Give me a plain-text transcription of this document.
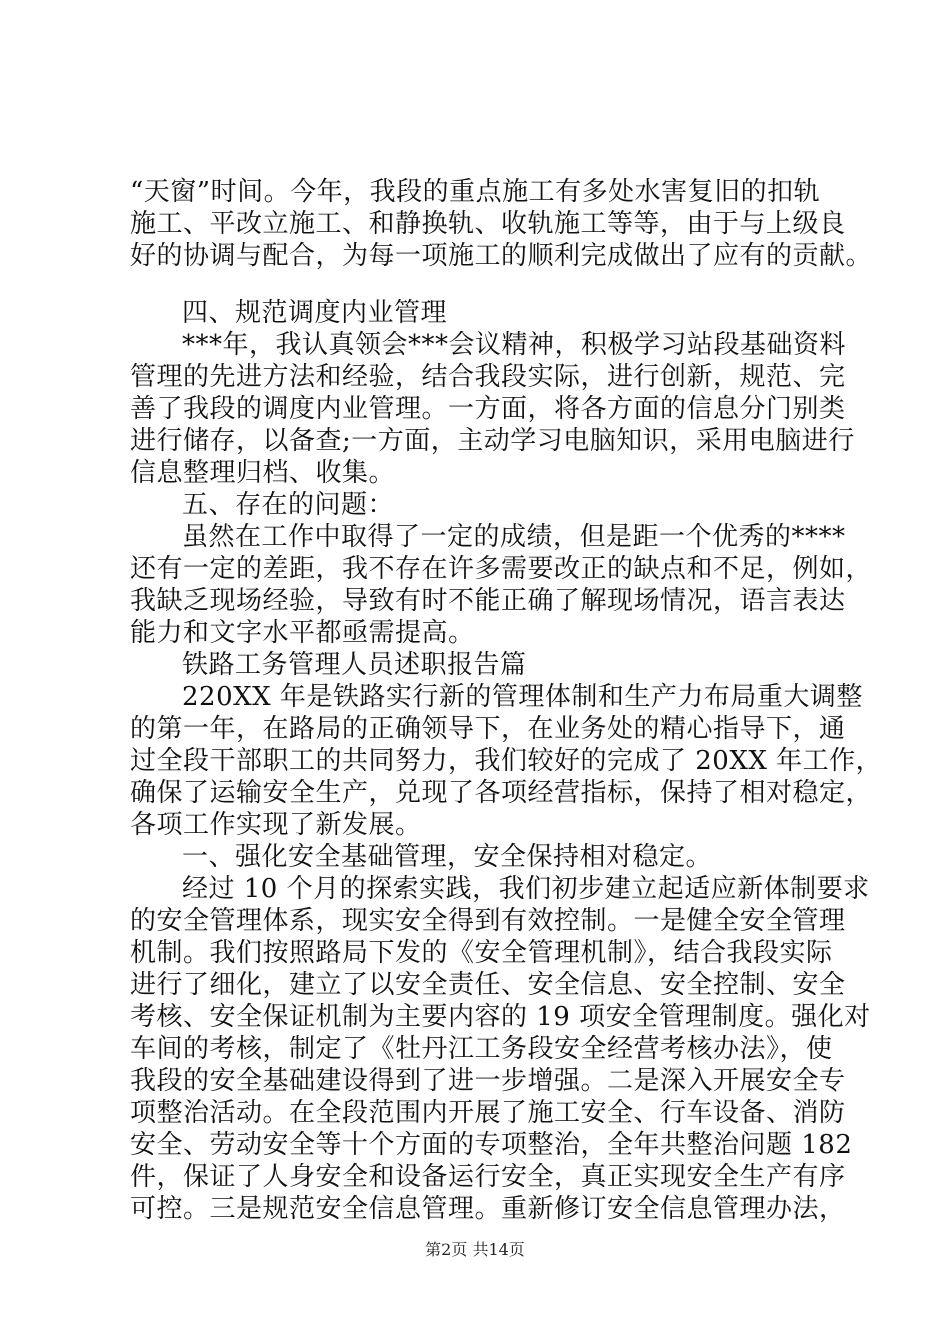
“天窗”时间。今年，我段的重点施工有多处水害复旧的扣轨
施工、平改立施工、和静换轨、收轨施工等等，由于与上级良
好的协调与配合，为每一项施工的顺利完成做出了应有的贡献。
四、规范调度内业管理
***年，我认真领会***会议精神，积极学习站段基础资料
管理的先进方法和经验，结合我段实际，进行创新，规范、完
善了我段的调度内业管理。一方面，将各方面的信息分门别类
进行储存，以备查;一方面，主动学习电脑知识，采用电脑进行
信息整理归档、收集。
五、存在的问题：
虽然在工作中取得了一定的成绩，但是距一个优秀的****
还有一定的差距，我不存在许多需要改正的缺点和不足，例如，
我缺乏现场经验，导致有时不能正确了解现场情况，语言表达
能力和文字水平都亟需提高。
铁路工务管理人员述职报告篇
220XX 年是铁路实行新的管理体制和生产力布局重大调整
的第一年，在路局的正确领导下，在业务处的精心指导下，通
过全段干部职工的共同努力，我们较好的完成了 20XX 年工作，
确保了运输安全生产，兑现了各项经营指标，保持了相对稳定，
各项工作实现了新发展。
一、强化安全基础管理，安全保持相对稳定。
经过 10 个月的探索实践，我们初步建立起适应新体制要求
的安全管理体系，现实安全得到有效控制。一是健全安全管理
机制。我们按照路局下发的《安全管理机制》，结合我段实际
进行了细化，建立了以安全责任、安全信息、安全控制、安全
考核、安全保证机制为主要内容的 19 项安全管理制度。强化对
车间的考核，制定了《牡丹江工务段安全经营考核办法》，使
我段的安全基础建设得到了进一步增强。二是深入开展安全专
项整治活动。在全段范围内开展了施工安全、行车设备、消防
安全、劳动安全等十个方面的专项整治，全年共整治问题 182
件，保证了人身安全和设备运行安全，真正实现安全生产有序
可控。三是规范安全信息管理。重新修订安全信息管理办法，
第2页 共14页
